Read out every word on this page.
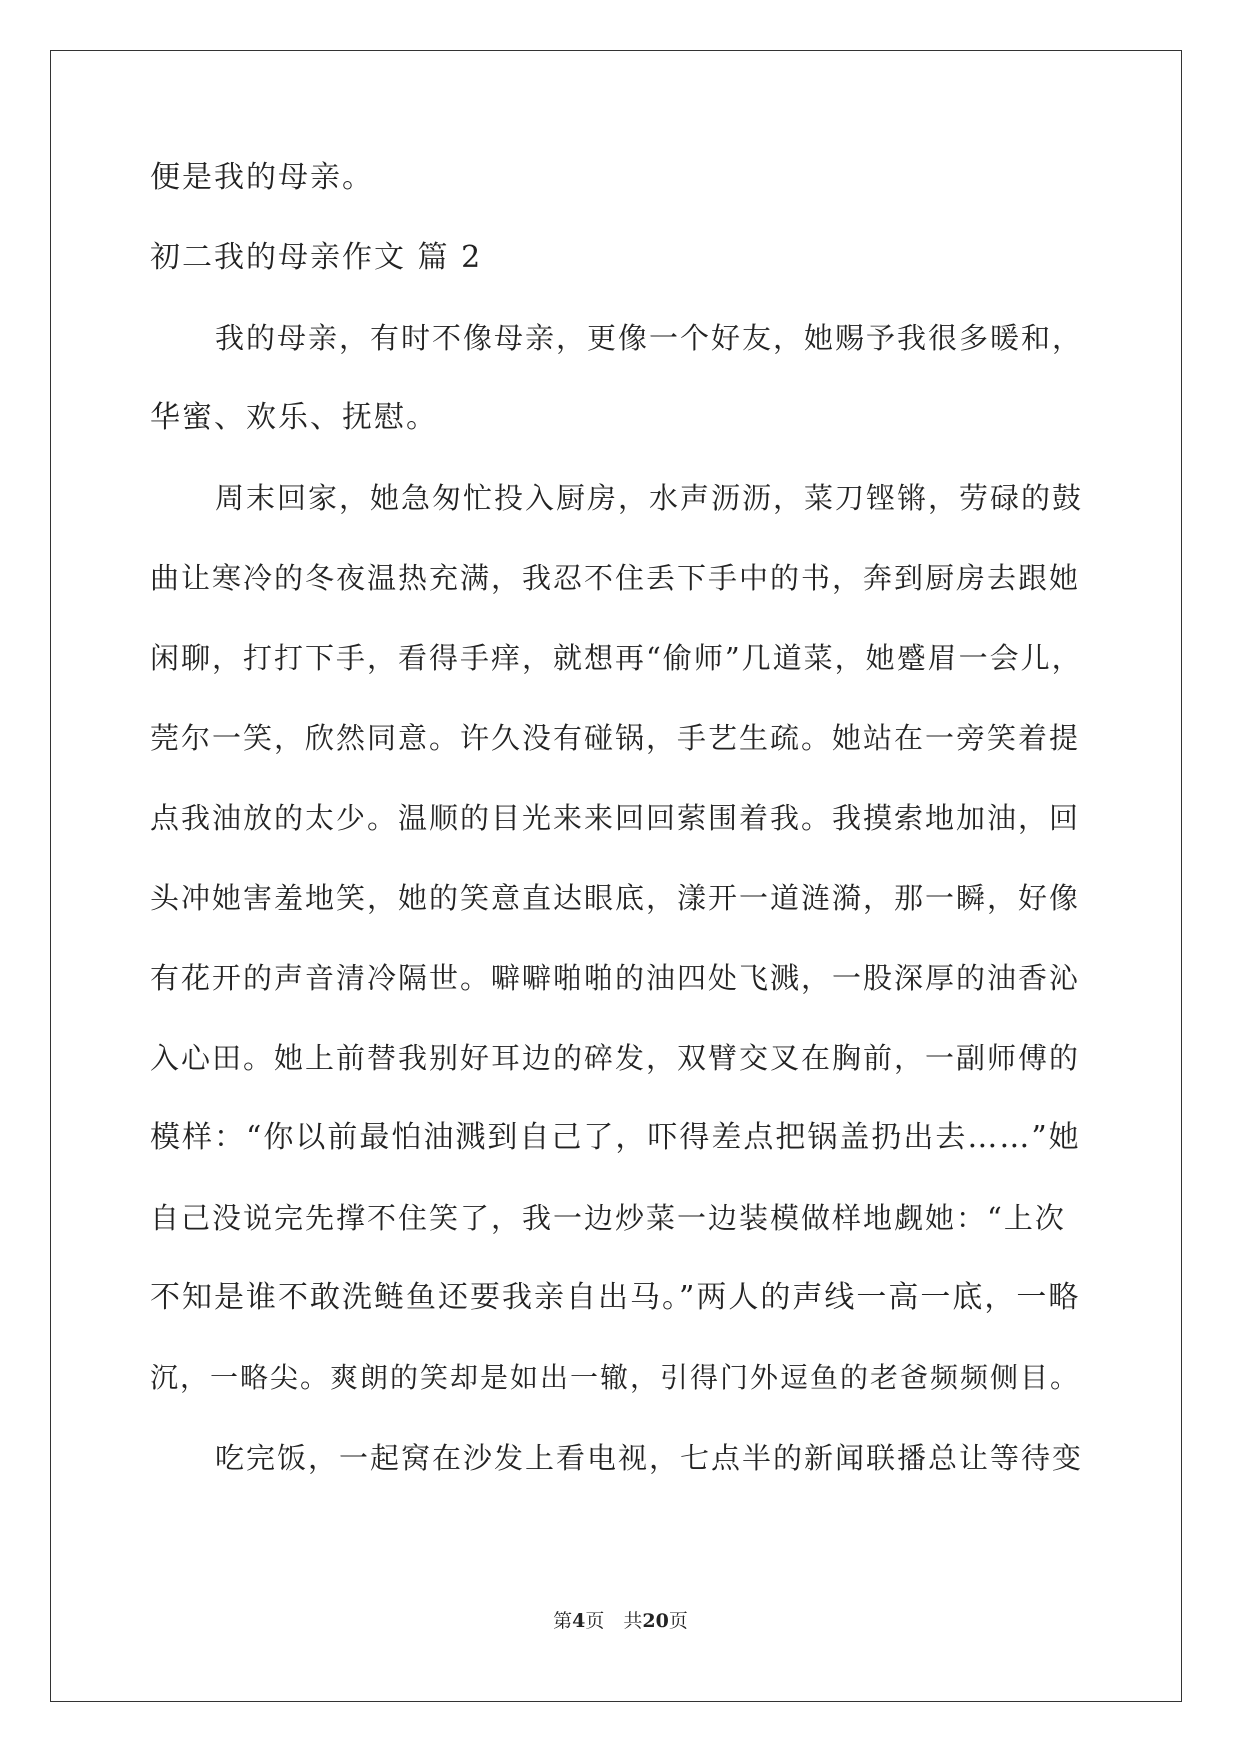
便是我的母亲。
初二我的母亲作文 篇 2
我的母亲，有时不像母亲，更像一个好友，她赐予我很多暖和，
华蜜、欢乐、抚慰。
周末回家，她急匆忙投入厨房，水声沥沥，菜刀铿锵，劳碌的鼓
曲让寒冷的冬夜温热充满，我忍不住丢下手中的书，奔到厨房去跟她
闲聊，打打下手，看得手痒，就想再“偷师”几道菜，她蹙眉一会儿，
莞尔一笑，欣然同意。许久没有碰锅，手艺生疏。她站在一旁笑着提
点我油放的太少。温顺的目光来来回回萦围着我。我摸索地加油，回
头冲她害羞地笑，她的笑意直达眼底，漾开一道涟漪，那一瞬，好像
有花开的声音清冷隔世。噼噼啪啪的油四处飞溅，一股深厚的油香沁
入心田。她上前替我别好耳边的碎发，双臂交叉在胸前，一副师傅的
模样：“你以前最怕油溅到自己了，吓得差点把锅盖扔出去……”她
自己没说完先撑不住笑了，我一边炒菜一边装模做样地觑她：“上次
不知是谁不敢洗鲢鱼还要我亲自出马。”两人的声线一高一底，一略
沉，一略尖。爽朗的笑却是如出一辙，引得门外逗鱼的老爸频频侧目。
吃完饭，一起窝在沙发上看电视，七点半的新闻联播总让等待变
第4页　共20页
